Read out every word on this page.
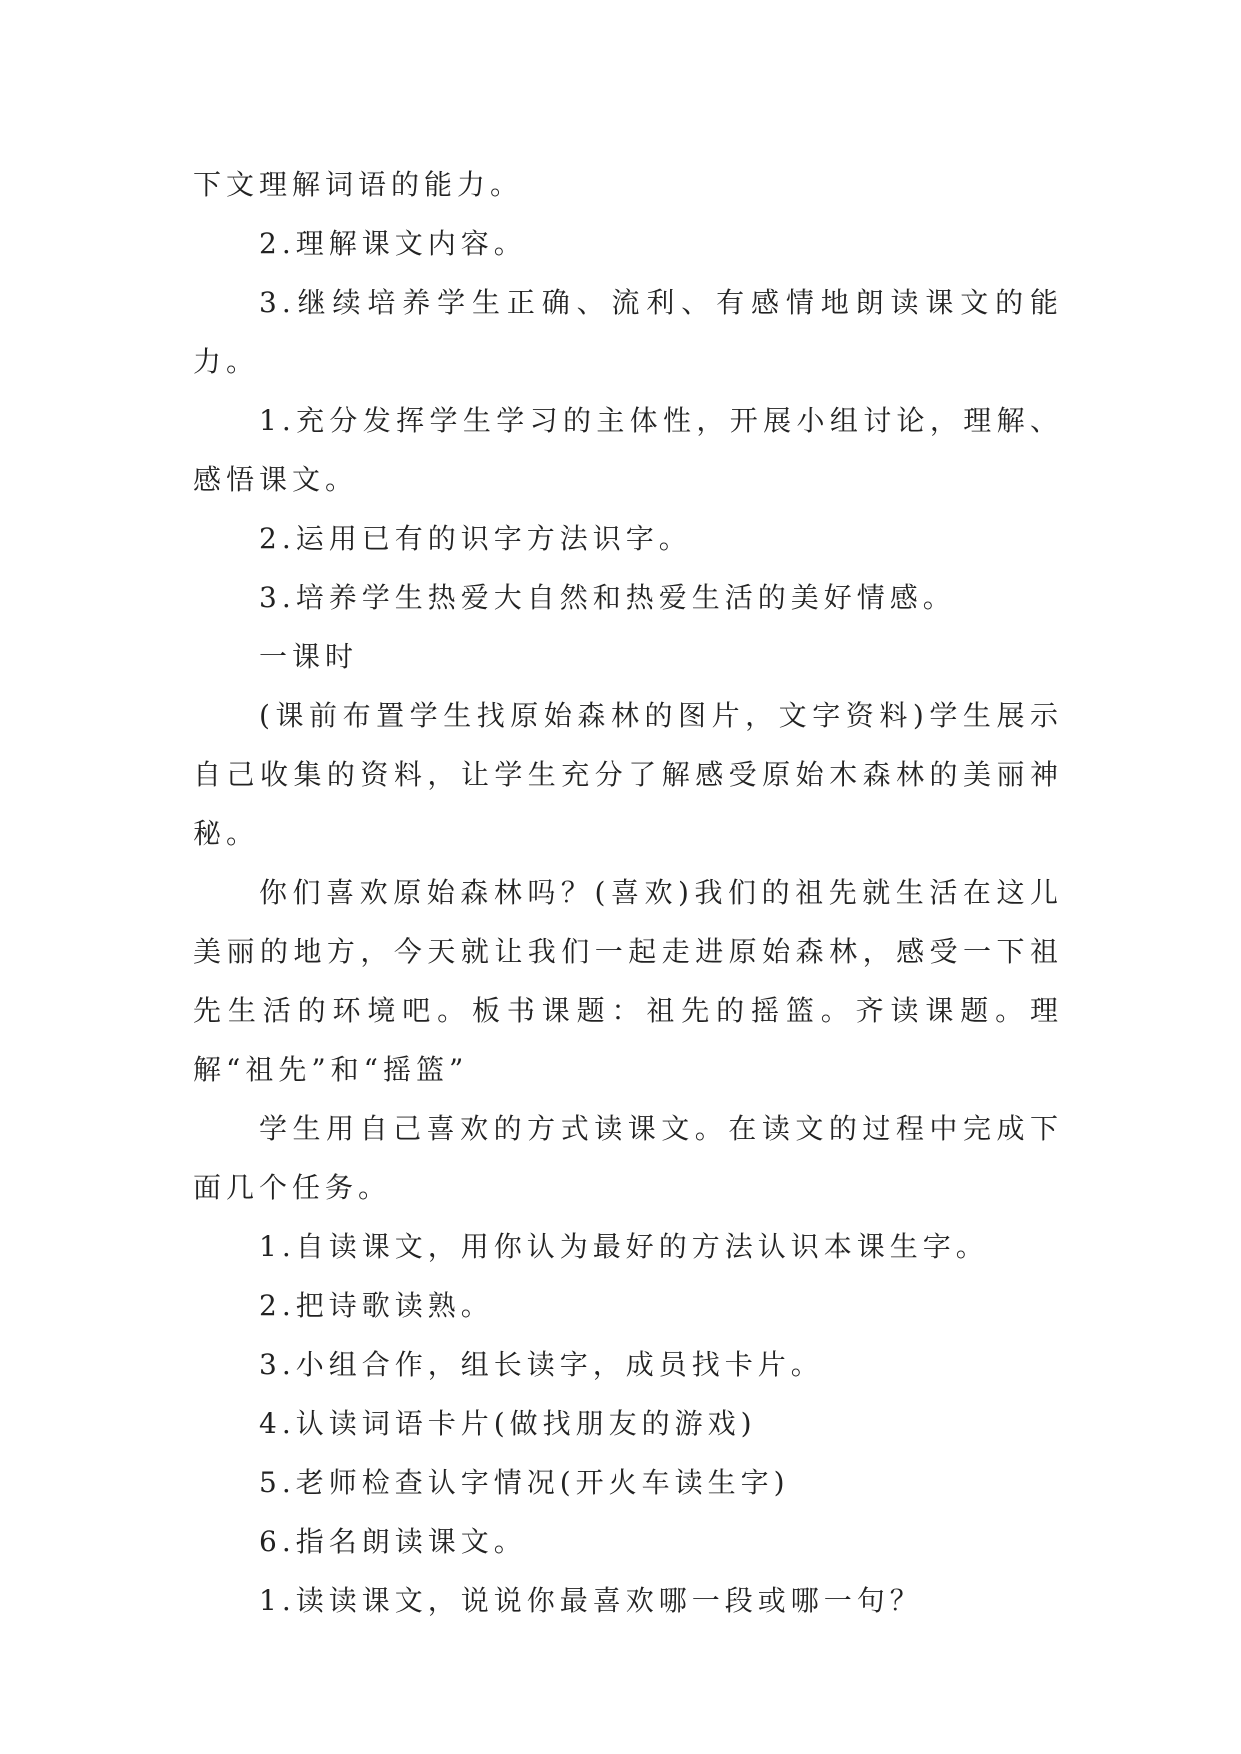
下文理解词语的能力。

2.理解课文内容。

3.继续培养学生正确、流利、有感情地朗读课文的能力。

1.充分发挥学生学习的主体性，开展小组讨论，理解、感悟课文。

2.运用已有的识字方法识字。

3.培养学生热爱大自然和热爱生活的美好情感。

一课时

(课前布置学生找原始森林的图片，文字资料)学生展示自己收集的资料，让学生充分了解感受原始木森林的美丽神秘。

你们喜欢原始森林吗？(喜欢)我们的祖先就生活在这儿美丽的地方，今天就让我们一起走进原始森林，感受一下祖先生活的环境吧。板书课题：祖先的摇篮。齐读课题。理解“祖先”和“摇篮”

学生用自己喜欢的方式读课文。在读文的过程中完成下面几个任务。

1.自读课文，用你认为最好的方法认识本课生字。

2.把诗歌读熟。

3.小组合作，组长读字，成员找卡片。

4.认读词语卡片(做找朋友的游戏)

5.老师检查认字情况(开火车读生字)

6.指名朗读课文。

1.读读课文，说说你最喜欢哪一段或哪一句？
